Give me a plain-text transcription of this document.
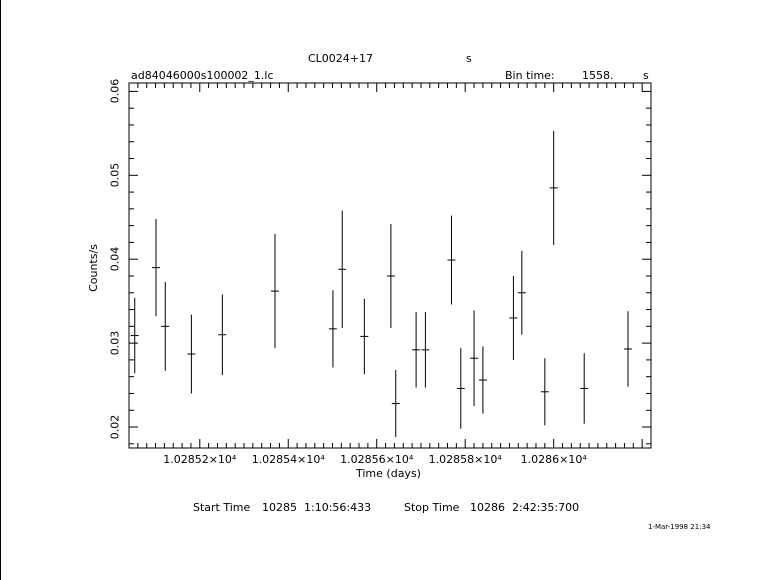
CL0024+17	s
ad84046000s100002_1.lc	Bin time: 1558.	s
Time (days)
Counts/s
1.02852×10⁴ 1.02854×10⁴ 1.02856×10⁴ 1.02858×10⁴ 1.0286×10⁴
0.02
0.03
0.04
0.05
0.06
Start Time 10285  1:10:56:433	Stop Time 10286  2:42:35:700
1-Mar-1998 21:34
